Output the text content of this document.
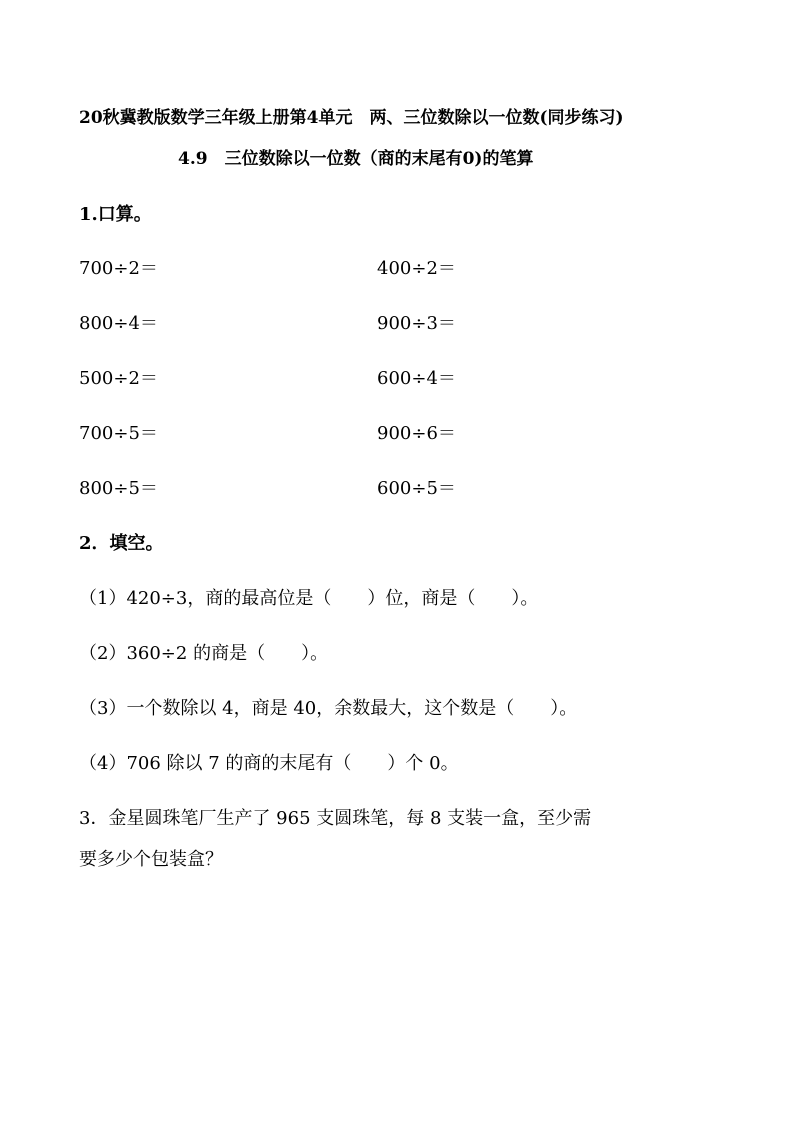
20秋冀教版数学三年级上册第4单元　两、三位数除以一位数(同步练习)
4.9　三位数除以一位数（商的末尾有0)的笔算
1.口算。
700÷2＝	400÷2＝
800÷4＝	900÷3＝
500÷2＝	600÷4＝
700÷5＝	900÷6＝
800÷5＝	600÷5＝
2．填空。
（1）420÷3，商的最高位是（　　）位，商是（　　）。
（2）360÷2 的商是（　　）。
（3）一个数除以 4，商是 40，余数最大，这个数是（　　）。
（4）706 除以 7 的商的末尾有（　　）个 0。
3．金星圆珠笔厂生产了 965 支圆珠笔，每 8 支装一盒，至少需
要多少个包装盒？
